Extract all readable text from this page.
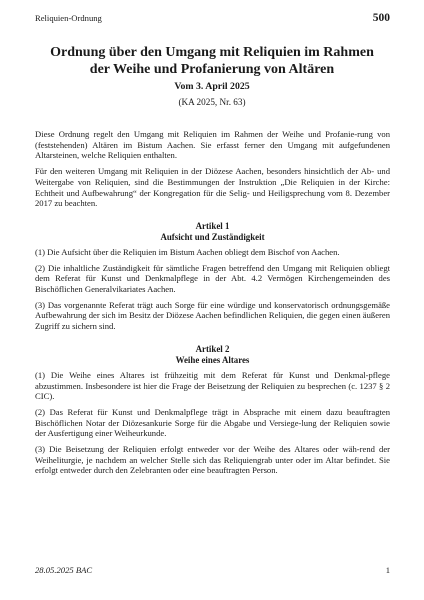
Reliquien-Ordnung	500
Ordnung über den Umgang mit Reliquien im Rahmen
der Weihe und Profanierung von Altären
Vom 3. April 2025
(KA 2025, Nr. 63)

Diese Ordnung regelt den Umgang mit Reliquien im Rahmen der Weihe und Profanie-rung von (feststehenden) Altären im Bistum Aachen. Sie erfasst ferner den Umgang mit aufgefundenen Altarsteinen, welche Reliquien enthalten.

Für den weiteren Umgang mit Reliquien in der Diözese Aachen, besonders hinsichtlich der Ab- und Weitergabe von Reliquien, sind die Bestimmungen der Instruktion „Die Reliquien in der Kirche: Echtheit und Aufbewahrung“ der Kongregation für die Selig- und Heiligsprechung vom 8. Dezember 2017 zu beachten.

Artikel 1
Aufsicht und Zuständigkeit

(1) Die Aufsicht über die Reliquien im Bistum Aachen obliegt dem Bischof von Aachen.

(2) Die inhaltliche Zuständigkeit für sämtliche Fragen betreffend den Umgang mit Reliquien obliegt dem Referat für Kunst und Denkmalpflege in der Abt. 4.2 Vermögen Kirchengemeinden des Bischöflichen Generalvikariates Aachen.

(3) Das vorgenannte Referat trägt auch Sorge für eine würdige und konservatorisch ordnungsgemäße Aufbewahrung der sich im Besitz der Diözese Aachen befindlichen Reliquien, die gegen einen äußeren Zugriff zu sichern sind.

Artikel 2
Weihe eines Altares

(1) Die Weihe eines Altares ist frühzeitig mit dem Referat für Kunst und Denkmal-pflege abzustimmen. Insbesondere ist hier die Frage der Beisetzung der Reliquien zu besprechen (c. 1237 § 2 CIC).

(2) Das Referat für Kunst und Denkmalpflege trägt in Absprache mit einem dazu beauftragten Bischöflichen Notar der Diözesankurie Sorge für die Abgabe und Versiege-lung der Reliquien sowie der Ausfertigung einer Weiheurkunde.

(3) Die Beisetzung der Reliquien erfolgt entweder vor der Weihe des Altares oder wäh-rend der Weiheliturgie, je nachdem an welcher Stelle sich das Reliquiengrab unter oder im Altar befindet. Sie erfolgt entweder durch den Zelebranten oder eine beauftragten Person.

28.05.2025 BAC	1
